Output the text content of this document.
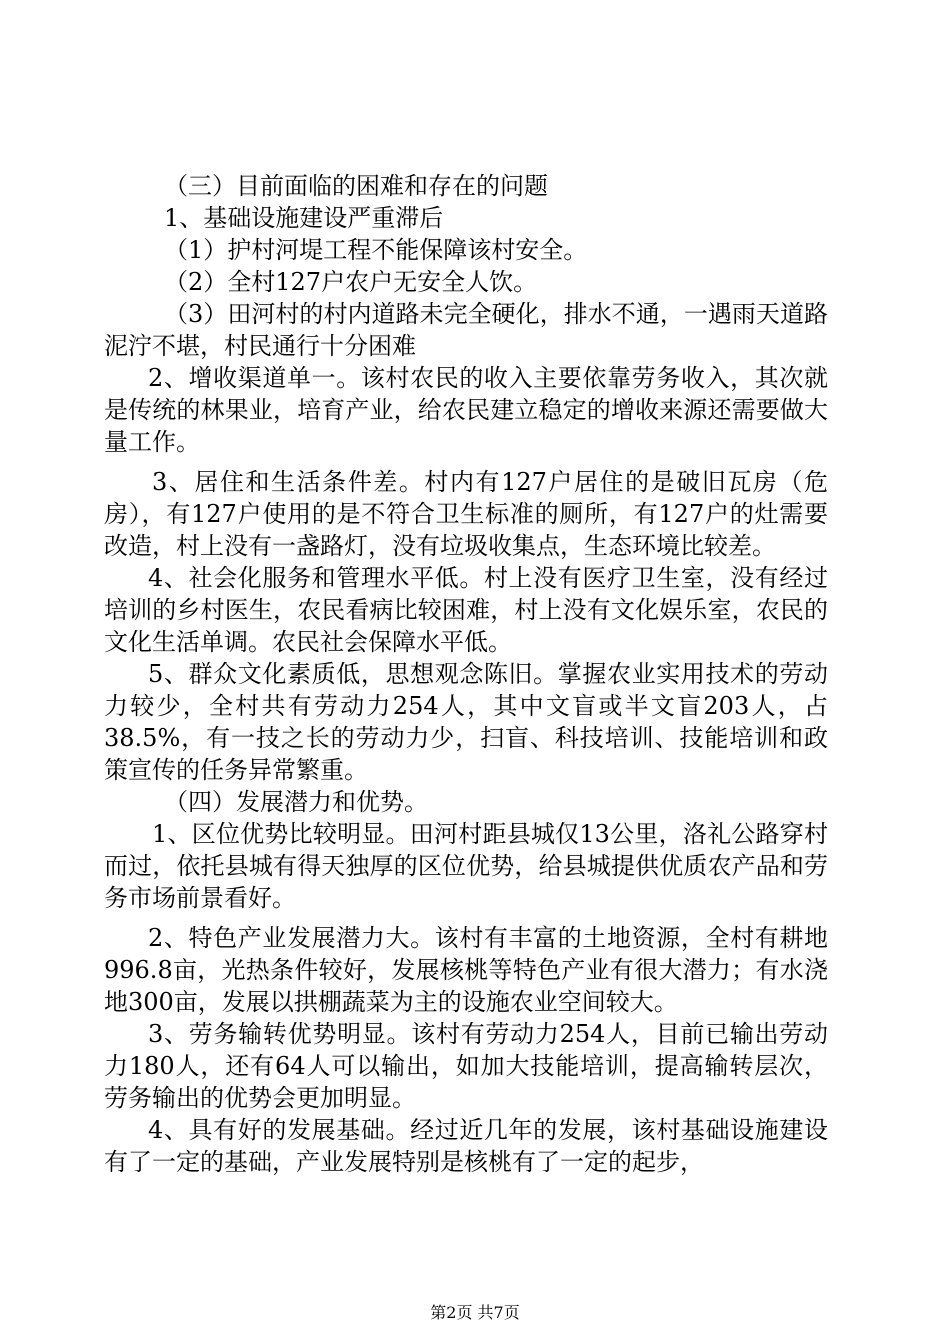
（三）目前面临的困难和存在的问题

1、基础设施建设严重滞后

（1）护村河堤工程不能保障该村安全。

（2）全村127户农户无安全人饮。

（3）田河村的村内道路未完全硬化，排水不通，一遇雨天道路泥泞不堪，村民通行十分困难

2、增收渠道单一。该村农民的收入主要依靠劳务收入，其次就是传统的林果业，培育产业，给农民建立稳定的增收来源还需要做大量工作。

3、居住和生活条件差。村内有127户居住的是破旧瓦房（危房），有127户使用的是不符合卫生标准的厕所，有127户的灶需要改造，村上没有一盏路灯，没有垃圾收集点，生态环境比较差。

4、社会化服务和管理水平低。村上没有医疗卫生室，没有经过培训的乡村医生，农民看病比较困难，村上没有文化娱乐室，农民的文化生活单调。农民社会保障水平低。

5、群众文化素质低，思想观念陈旧。掌握农业实用技术的劳动力较少，全村共有劳动力254人，其中文盲或半文盲203人，占38.5%，有一技之长的劳动力少，扫盲、科技培训、技能培训和政策宣传的任务异常繁重。

（四）发展潜力和优势。

1、区位优势比较明显。田河村距县城仅13公里，洛礼公路穿村而过，依托县城有得天独厚的区位优势，给县城提供优质农产品和劳务市场前景看好。

2、特色产业发展潜力大。该村有丰富的土地资源，全村有耕地996.8亩，光热条件较好，发展核桃等特色产业有很大潜力；有水浇地300亩，发展以拱棚蔬菜为主的设施农业空间较大。

3、劳务输转优势明显。该村有劳动力254人，目前已输出劳动力180人，还有64人可以输出，如加大技能培训，提高输转层次，劳务输出的优势会更加明显。

4、具有好的发展基础。经过近几年的发展，该村基础设施建设有了一定的基础，产业发展特别是核桃有了一定的起步，

第2页 共7页
